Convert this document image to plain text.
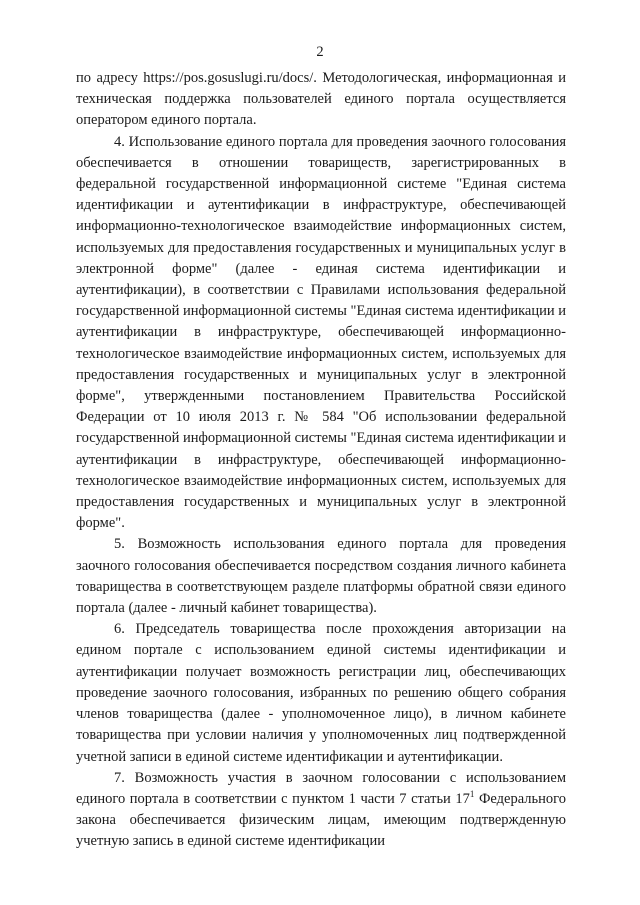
2

по адресу https://pos.gosuslugi.ru/docs/. Методологическая, информационная и техническая поддержка пользователей единого портала осуществляется оператором единого портала.

4. Использование единого портала для проведения заочного голосования обеспечивается в отношении товариществ, зарегистрированных в федеральной государственной информационной системе "Единая система идентификации и аутентификации в инфраструктуре, обеспечивающей информационно-технологическое взаимодействие информационных систем, используемых для предоставления государственных и муниципальных услуг в электронной форме" (далее - единая система идентификации и аутентификации), в соответствии с Правилами использования федеральной государственной информационной системы "Единая система идентификации и аутентификации в инфраструктуре, обеспечивающей информационно-технологическое взаимодействие информационных систем, используемых для предоставления государственных и муниципальных услуг в электронной форме", утвержденными постановлением Правительства Российской Федерации от 10 июля 2013 г. № 584 "Об использовании федеральной государственной информационной системы "Единая система идентификации и аутентификации в инфраструктуре, обеспечивающей информационно-технологическое взаимодействие информационных систем, используемых для предоставления государственных и муниципальных услуг в электронной форме".

5. Возможность использования единого портала для проведения заочного голосования обеспечивается посредством создания личного кабинета товарищества в соответствующем разделе платформы обратной связи единого портала (далее - личный кабинет товарищества).

6. Председатель товарищества после прохождения авторизации на едином портале с использованием единой системы идентификации и аутентификации получает возможность регистрации лиц, обеспечивающих проведение заочного голосования, избранных по решению общего собрания членов товарищества (далее - уполномоченное лицо), в личном кабинете товарищества при условии наличия у уполномоченных лиц подтвержденной учетной записи в единой системе идентификации и аутентификации.

7. Возможность участия в заочном голосовании с использованием единого портала в соответствии с пунктом 1 части 7 статьи $17^1$ Федерального закона обеспечивается физическим лицам, имеющим подтвержденную учетную запись в единой системе идентификации
